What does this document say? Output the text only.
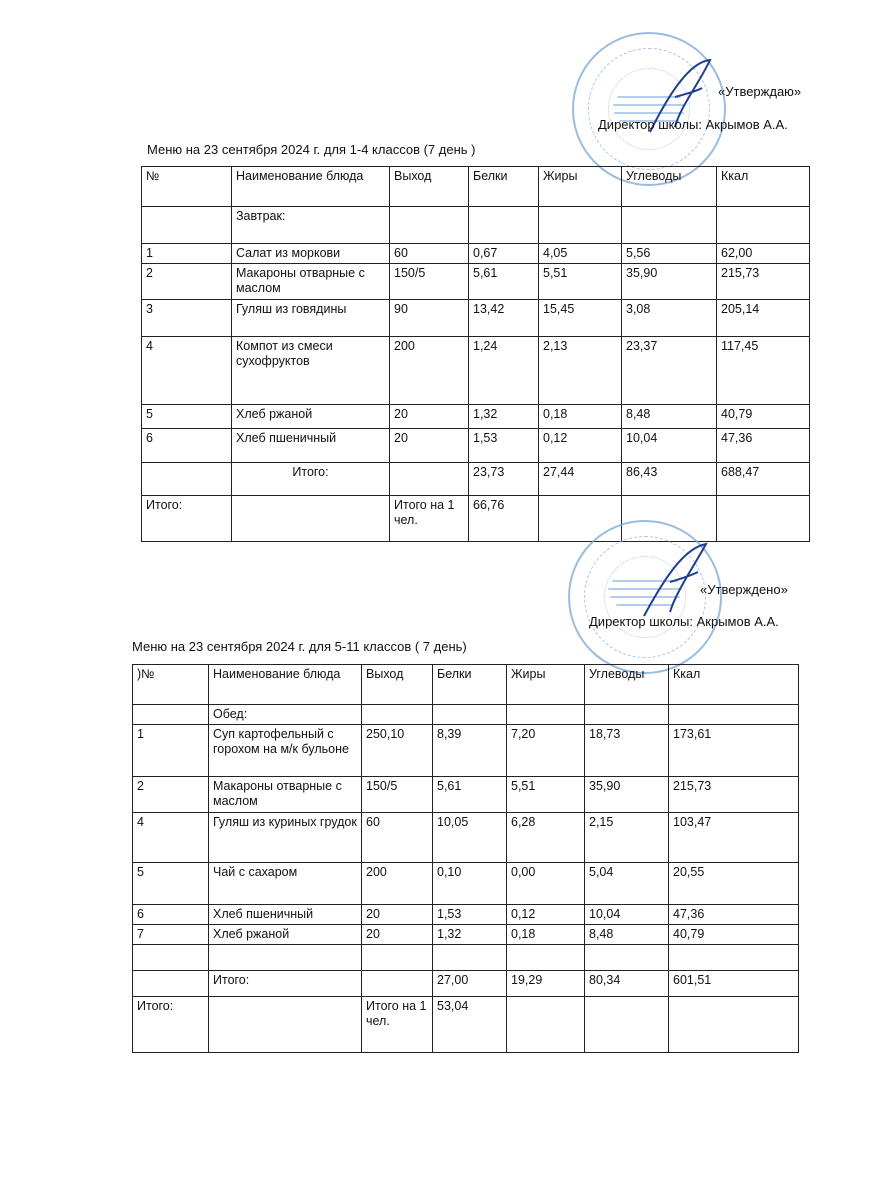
«Утверждаю»
Директор школы: Акрымов А.А.
Меню на 23 сентября 2024 г. для 1-4 классов (7 день )
№	Наименование блюда	Выход	Белки	Жиры	Углеводы	Ккал
	Завтрак:					
1	Салат из моркови	60	0,67	4,05	5,56	62,00
2	Макароны отварные с маслом	150/5	5,61	5,51	35,90	215,73
3	Гуляш из говядины	90	13,42	15,45	3,08	205,14
4	Компот из смеси сухофруктов	200	1,24	2,13	23,37	117,45
5	Хлеб ржаной	20	1,32	0,18	8,48	40,79
6	Хлеб пшеничный	20	1,53	0,12	10,04	47,36
	Итого:		23,73	27,44	86,43	688,47
Итого:		Итого на 1 чел.	66,76			
«Утверждено»
Директор школы: Акрымов А.А.
Меню на 23 сентября 2024 г. для 5-11 классов ( 7 день)
)№	Наименование блюда	Выход	Белки	Жиры	Углеводы	Ккал
	Обед:					
1	Суп картофельный с горохом на м/к бульоне	250,10	8,39	7,20	18,73	173,61
2	Макароны отварные с маслом	150/5	5,61	5,51	35,90	215,73
4	Гуляш из куриных грудок	60	10,05	6,28	2,15	103,47
5	Чай с сахаром	200	0,10	0,00	5,04	20,55
6	Хлеб пшеничный	20	1,53	0,12	10,04	47,36
7	Хлеб ржаной	20	1,32	0,18	8,48	40,79

	Итого:		27,00	19,29	80,34	601,51
Итого:		Итого на 1 чел.	53,04			
